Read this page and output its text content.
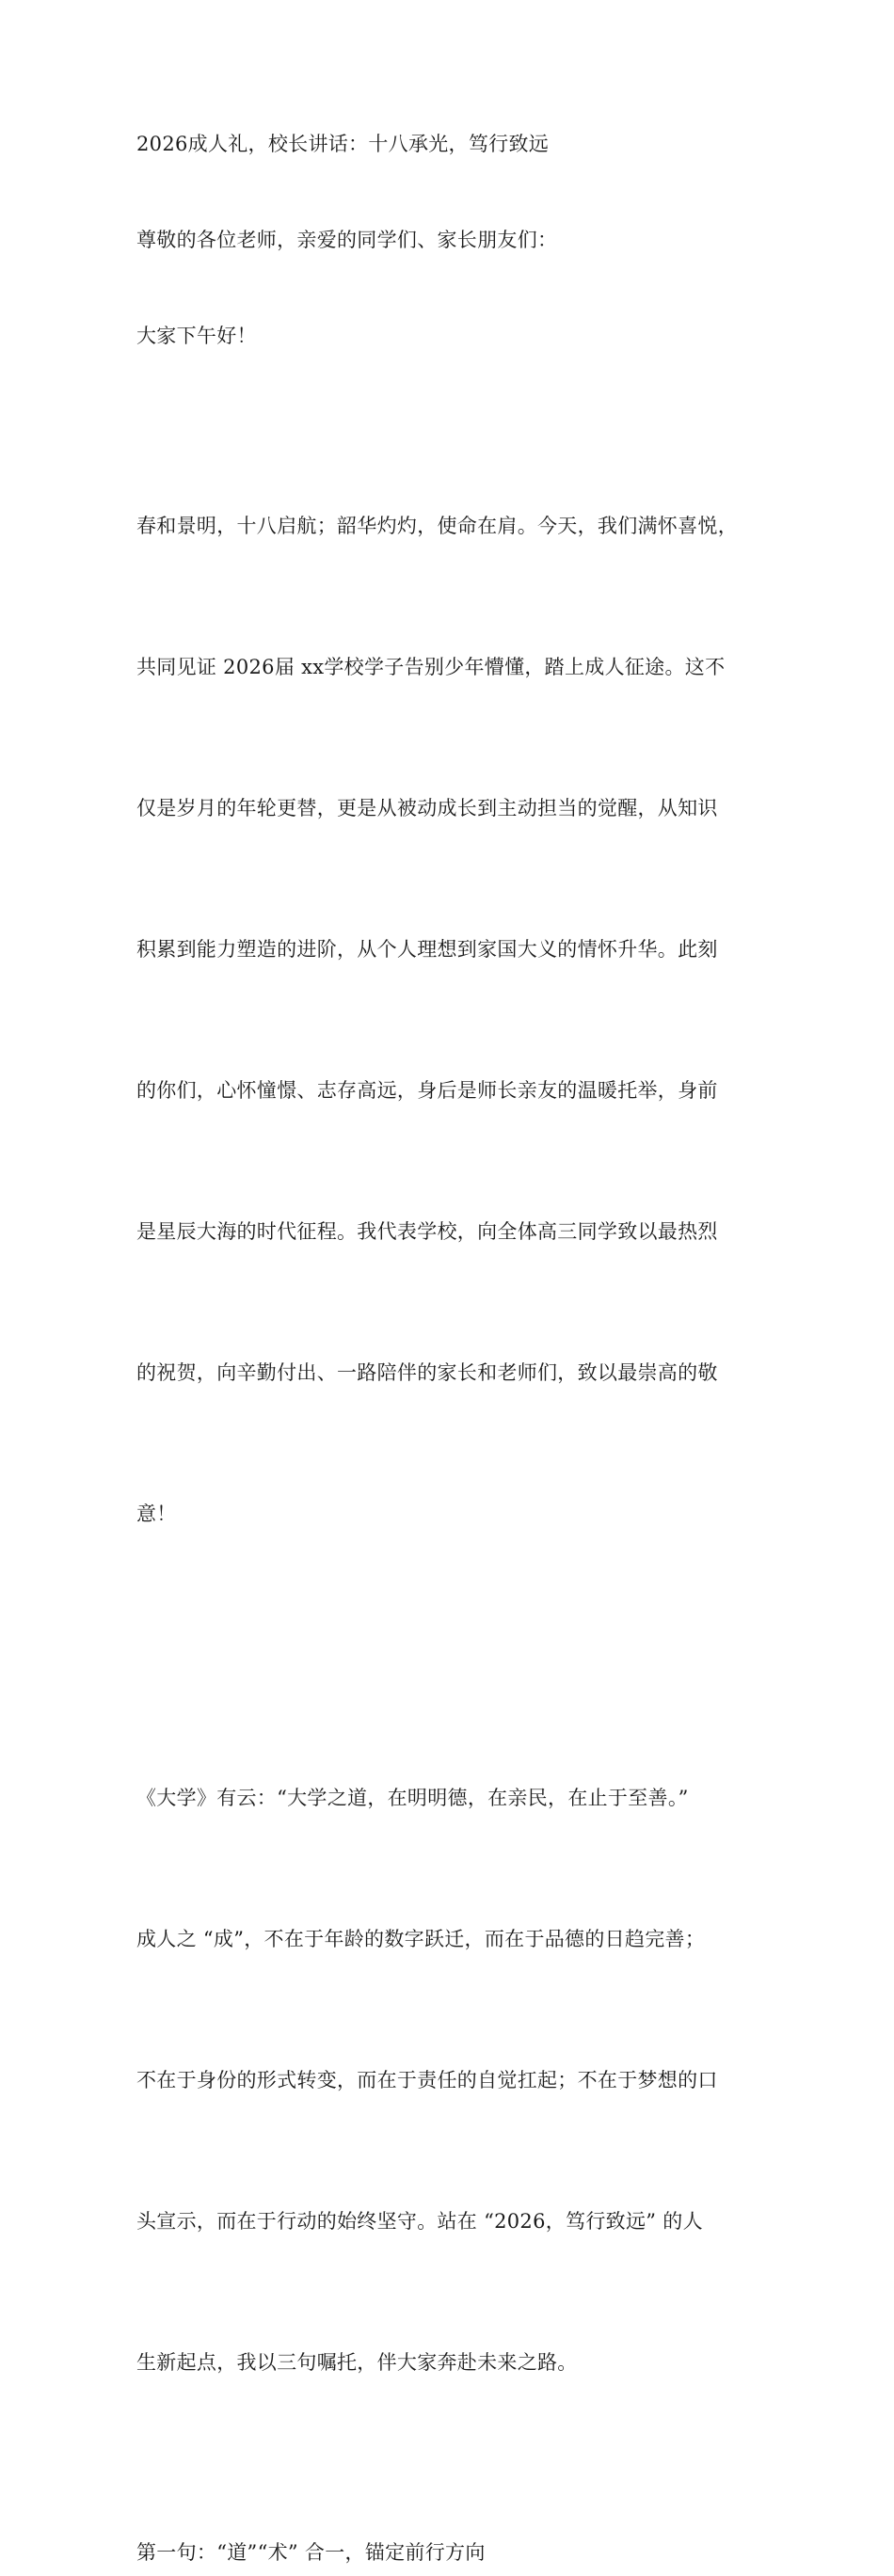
2026成人礼，校长讲话：十八承光，笃行致远

尊敬的各位老师，亲爱的同学们、家长朋友们：

大家下午好！

春和景明，十八启航；韶华灼灼，使命在肩。今天，我们满怀喜悦，

共同见证 2026届 xx学校学子告别少年懵懂，踏上成人征途。这不

仅是岁月的年轮更替，更是从被动成长到主动担当的觉醒，从知识

积累到能力塑造的进阶，从个人理想到家国大义的情怀升华。此刻

的你们，心怀憧憬、志存高远，身后是师长亲友的温暖托举，身前

是星辰大海的时代征程。我代表学校，向全体高三同学致以最热烈

的祝贺，向辛勤付出、一路陪伴的家长和老师们，致以最崇高的敬

意！

《大学》有云：“大学之道，在明明德，在亲民，在止于至善。”

成人之 “成”，不在于年龄的数字跃迁，而在于品德的日趋完善；

不在于身份的形式转变，而在于责任的自觉扛起；不在于梦想的口

头宣示，而在于行动的始终坚守。站在 “2026，笃行致远” 的人

生新起点，我以三句嘱托，伴大家奔赴未来之路。

第一句：“道”“术” 合一，锚定前行方向
